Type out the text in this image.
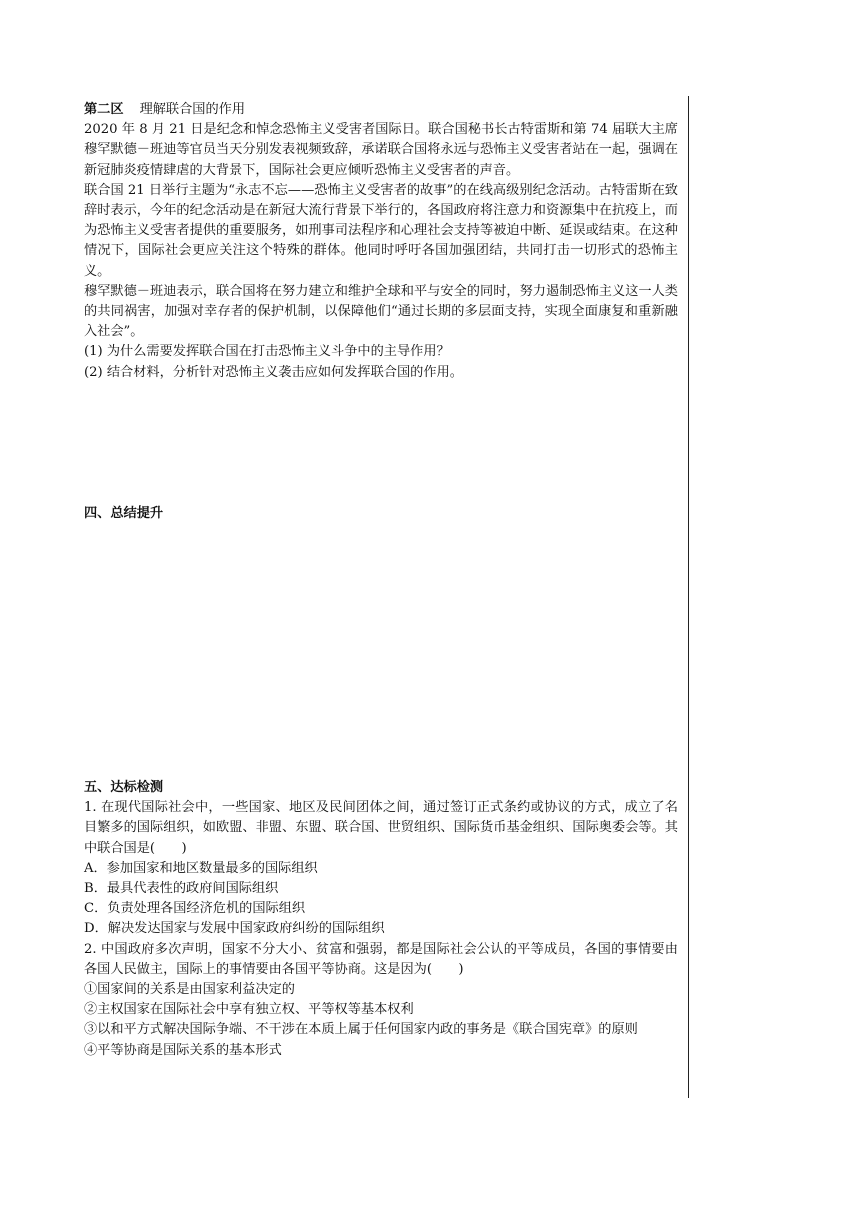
第二区 理解联合国的作用

2020 年 8 月 21 日是纪念和悼念恐怖主义受害者国际日。联合国秘书长古特雷斯和第 74 届联大主席穆罕默德－班迪等官员当天分别发表视频致辞，承诺联合国将永远与恐怖主义受害者站在一起，强调在新冠肺炎疫情肆虐的大背景下，国际社会更应倾听恐怖主义受害者的声音。

联合国 21 日举行主题为“永志不忘——恐怖主义受害者的故事”的在线高级别纪念活动。古特雷斯在致辞时表示，今年的纪念活动是在新冠大流行背景下举行的，各国政府将注意力和资源集中在抗疫上，而为恐怖主义受害者提供的重要服务，如刑事司法程序和心理社会支持等被迫中断、延误或结束。在这种情况下，国际社会更应关注这个特殊的群体。他同时呼吁各国加强团结，共同打击一切形式的恐怖主义。

穆罕默德－班迪表示，联合国将在努力建立和维护全球和平与安全的同时，努力遏制恐怖主义这一人类的共同祸害，加强对幸存者的保护机制，以保障他们“通过长期的多层面支持，实现全面康复和重新融入社会”。

(1) 为什么需要发挥联合国在打击恐怖主义斗争中的主导作用？

(2) 结合材料，分析针对恐怖主义袭击应如何发挥联合国的作用。

四、总结提升

五、达标检测

1. 在现代国际社会中，一些国家、地区及民间团体之间，通过签订正式条约或协议的方式，成立了名目繁多的国际组织，如欧盟、非盟、东盟、联合国、世贸组织、国际货币基金组织、国际奥委会等。其中联合国是(　　)

A．参加国家和地区数量最多的国际组织

B．最具代表性的政府间国际组织

C．负责处理各国经济危机的国际组织

D．解决发达国家与发展中国家政府纠纷的国际组织

2. 中国政府多次声明，国家不分大小、贫富和强弱，都是国际社会公认的平等成员，各国的事情要由各国人民做主，国际上的事情要由各国平等协商。这是因为(　　)

①国家间的关系是由国家利益决定的

②主权国家在国际社会中享有独立权、平等权等基本权利

③以和平方式解决国际争端、不干涉在本质上属于任何国家内政的事务是《联合国宪章》的原则

④平等协商是国际关系的基本形式
